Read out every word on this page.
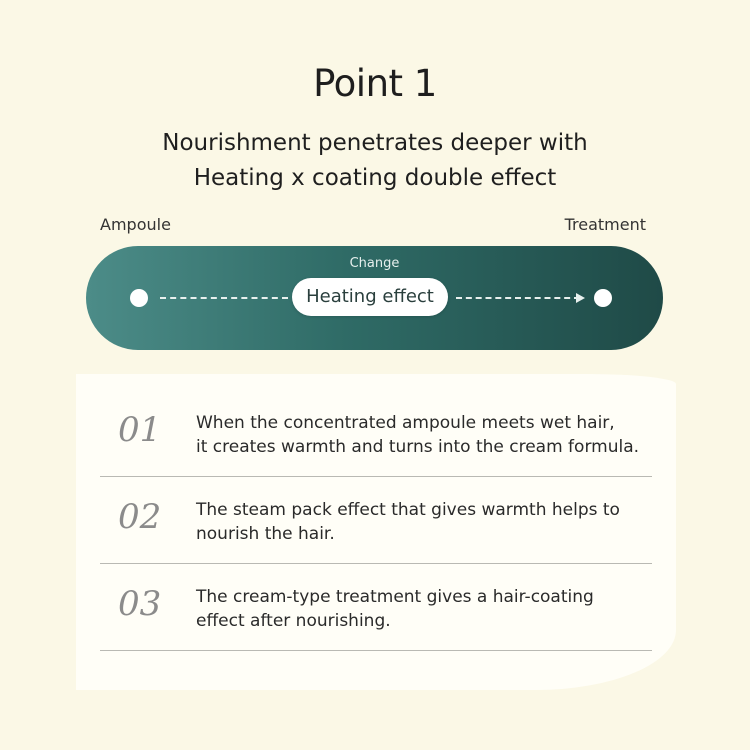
Point 1
Nourishment penetrates deeper with
Heating x coating double effect
Ampoule	Treatment
Change
Heating effect
01 When the concentrated ampoule meets wet hair,
it creates warmth and turns into the cream formula.
02 The steam pack effect that gives warmth helps to
nourish the hair.
03 The cream-type treatment gives a hair-coating
effect after nourishing.
